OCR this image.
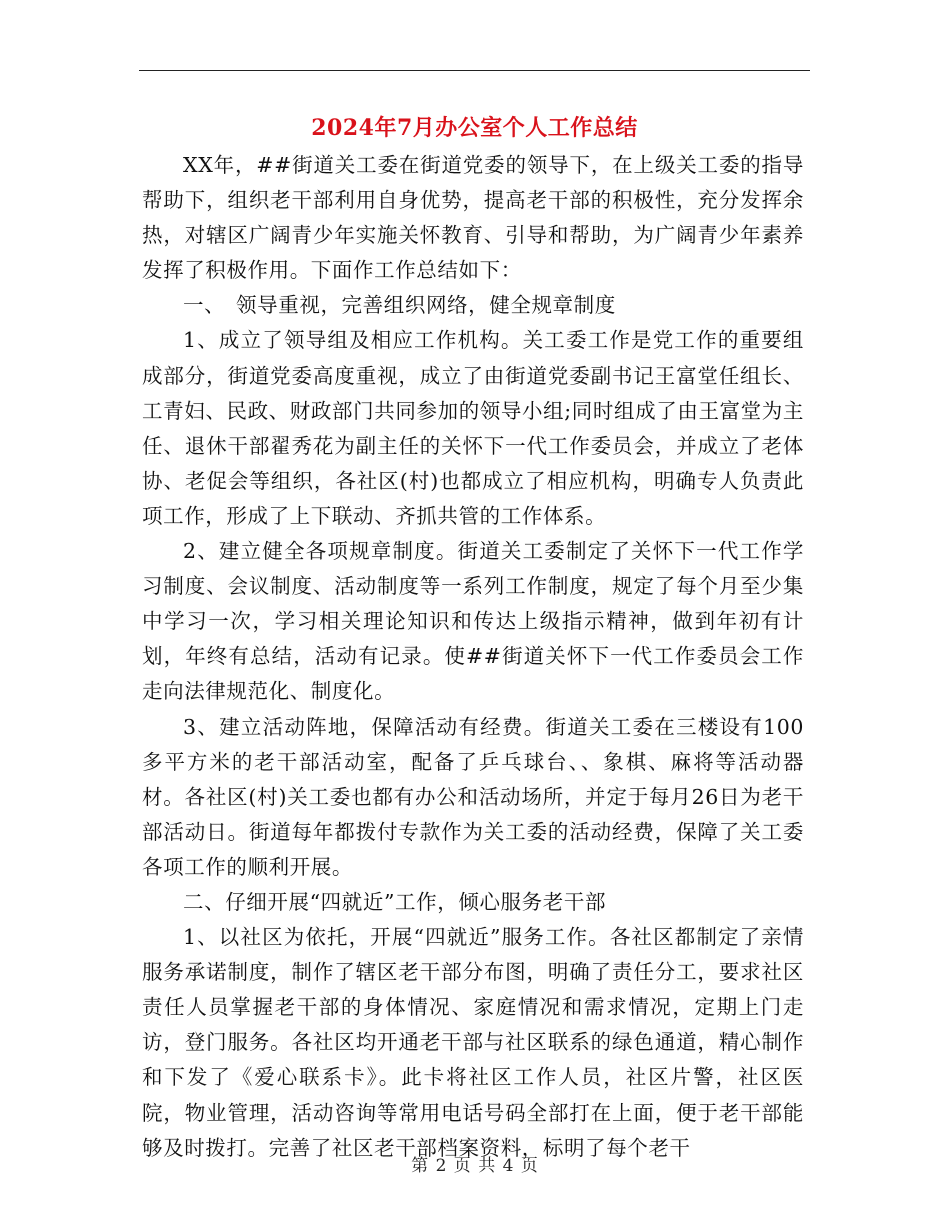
2024年7月办公室个人工作总结

XX年，##街道关工委在街道党委的领导下，在上级关工委的指导帮助下，组织老干部利用自身优势，提高老干部的积极性，充分发挥余热，对辖区广阔青少年实施关怀教育、引导和帮助，为广阔青少年素养发挥了积极作用。下面作工作总结如下：

一、　领导重视，完善组织网络，健全规章制度

1、成立了领导组及相应工作机构。关工委工作是党工作的重要组成部分，街道党委高度重视，成立了由街道党委副书记王富堂任组长、工青妇、民政、财政部门共同参加的领导小组;同时组成了由王富堂为主任、退休干部翟秀花为副主任的关怀下一代工作委员会，并成立了老体协、老促会等组织，各社区(村)也都成立了相应机构，明确专人负责此项工作，形成了上下联动、齐抓共管的工作体系。

2、建立健全各项规章制度。街道关工委制定了关怀下一代工作学习制度、会议制度、活动制度等一系列工作制度，规定了每个月至少集中学习一次，学习相关理论知识和传达上级指示精神，做到年初有计划，年终有总结，活动有记录。使##街道关怀下一代工作委员会工作走向法律规范化、制度化。

3、建立活动阵地，保障活动有经费。街道关工委在三楼设有100多平方米的老干部活动室，配备了乒乓球台、、象棋、麻将等活动器材。各社区(村)关工委也都有办公和活动场所，并定于每月26日为老干部活动日。街道每年都拨付专款作为关工委的活动经费，保障了关工委各项工作的顺利开展。

二、仔细开展“四就近”工作，倾心服务老干部

1、以社区为依托，开展“四就近”服务工作。各社区都制定了亲情服务承诺制度，制作了辖区老干部分布图，明确了责任分工，要求社区责任人员掌握老干部的身体情况、家庭情况和需求情况，定期上门走访，登门服务。各社区均开通老干部与社区联系的绿色通道，精心制作和下发了《爱心联系卡》。此卡将社区工作人员，社区片警，社区医院，物业管理，活动咨询等常用电话号码全部打在上面，便于老干部能够及时拨打。完善了社区老干部档案资料，标明了每个老干

第 2 页 共 4 页
